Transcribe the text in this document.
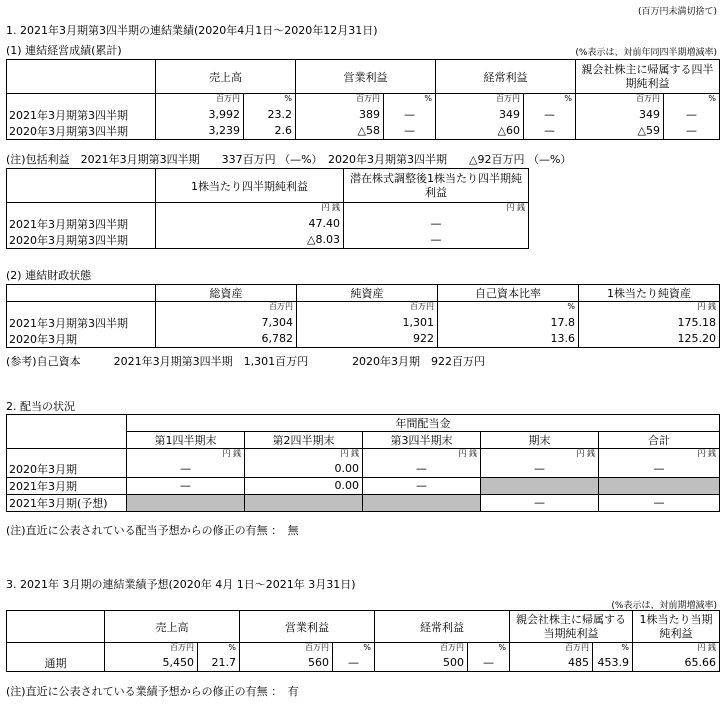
(百万円未満切捨て)
1. 2021年3月期第3四半期の連結業績(2020年4月1日～2020年12月31日)
(1) 連結経営成績(累計)	(%表示は、対前年同四半期増減率)
	売上高		営業利益		経常利益		親会社株主に帰属する四半期純利益	
	百万円	%	百万円	%	百万円	%	百万円	%
2021年3月期第3四半期	3,992	23.2	389	—	349	—	349	—
2020年3月期第3四半期	3,239	2.6	△58	—	△60	—	△59	—
(注)包括利益　2021年3月期第3四半期　　337百万円 （—%）　2020年3月期第3四半期　　△92百万円 （—%）
	1株当たり四半期純利益	潜在株式調整後1株当たり四半期純利益
	円 銭	円 銭
2021年3月期第3四半期	47.40	—
2020年3月期第3四半期	△8.03	—
(2) 連結財政状態
	総資産	純資産	自己資本比率	1株当たり純資産
	百万円	百万円	%	円 銭
2021年3月期第3四半期	7,304	1,301	17.8	175.18
2020年3月期	6,782	922	13.6	125.20
(参考)自己資本　　　2021年3月期第3四半期　1,301百万円　　　　2020年3月期　922百万円
2. 配当の状況
	年間配当金				
	第1四半期末	第2四半期末	第3四半期末	期末	合計
	円 銭	円 銭	円 銭	円 銭	円 銭
2020年3月期	—	0.00	—	—	—
2021年3月期	—	0.00	—		
2021年3月期(予想)				—	—
(注)直近に公表されている配当予想からの修正の有無 ：　無
3. 2021年 3月期の連結業績予想(2020年 4月 1日～2021年 3月31日)
(%表示は、対前期増減率)
	売上高		営業利益		経常利益		親会社株主に帰属する当期純利益		1株当たり当期純利益
	百万円	%	百万円	%	百万円	%	百万円	%	円 銭
通期	5,450	21.7	560	—	500	—	485	453.9	65.66
(注)直近に公表されている業績予想からの修正の有無 ：　有
